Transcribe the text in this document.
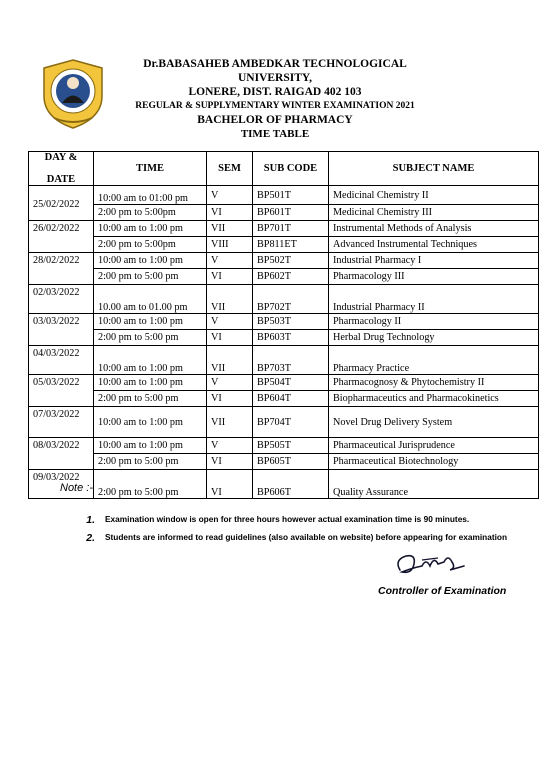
Dr.BABASAHEB AMBEDKAR TECHNOLOGICAL UNIVERSITY,
LONERE, DIST. RAIGAD 402 103
REGULAR & SUPPLYMENTARY WINTER EXAMINATION 2021
BACHELOR OF PHARMACY
TIME TABLE
DAY &

DATE	TIME	SEM	SUB CODE	SUBJECT NAME
25/02/2022	10:00 am to 01:00 pm	V	BP501T	Medicinal Chemistry II
	2:00 pm to 5:00pm	VI	BP601T	Medicinal Chemistry III
26/02/2022	10:00 am to 1:00 pm	VII	BP701T	Instrumental Methods of Analysis
	2:00 pm to 5:00pm	VIII	BP811ET	Advanced Instrumental Techniques
28/02/2022	10:00 am to 1:00 pm	V	BP502T	Industrial Pharmacy I
	2:00 pm to 5:00 pm	VI	BP602T	Pharmacology III
02/03/2022	10.00 am to 01.00 pm	VII	BP702T	Industrial Pharmacy II
03/03/2022	10:00 am to 1:00 pm	V	BP503T	Pharmacology II
	2:00 pm to 5:00 pm	VI	BP603T	Herbal Drug Technology
04/03/2022	10:00 am to 1:00 pm	VII	BP703T	Pharmacy Practice
05/03/2022	10:00 am to 1:00 pm	V	BP504T	Pharmacognosy & Phytochemistry II
	2:00 pm to 5:00 pm	VI	BP604T	Biopharmaceutics and Pharmacokinetics
07/03/2022	10:00 am to 1:00 pm	VII	BP704T	Novel Drug Delivery System
08/03/2022	10:00 am to 1:00 pm	V	BP505T	Pharmaceutical Jurisprudence
	2:00 pm to 5:00 pm	VI	BP605T	Pharmaceutical Biotechnology
09/03/2022	2:00 pm to 5:00 pm	VI	BP606T	Quality Assurance
Note :-
1.	Examination window is open for three hours however actual examination time is 90 minutes.
2.	Students are informed to read guidelines (also available on website) before appearing for examination
Controller of Examination
